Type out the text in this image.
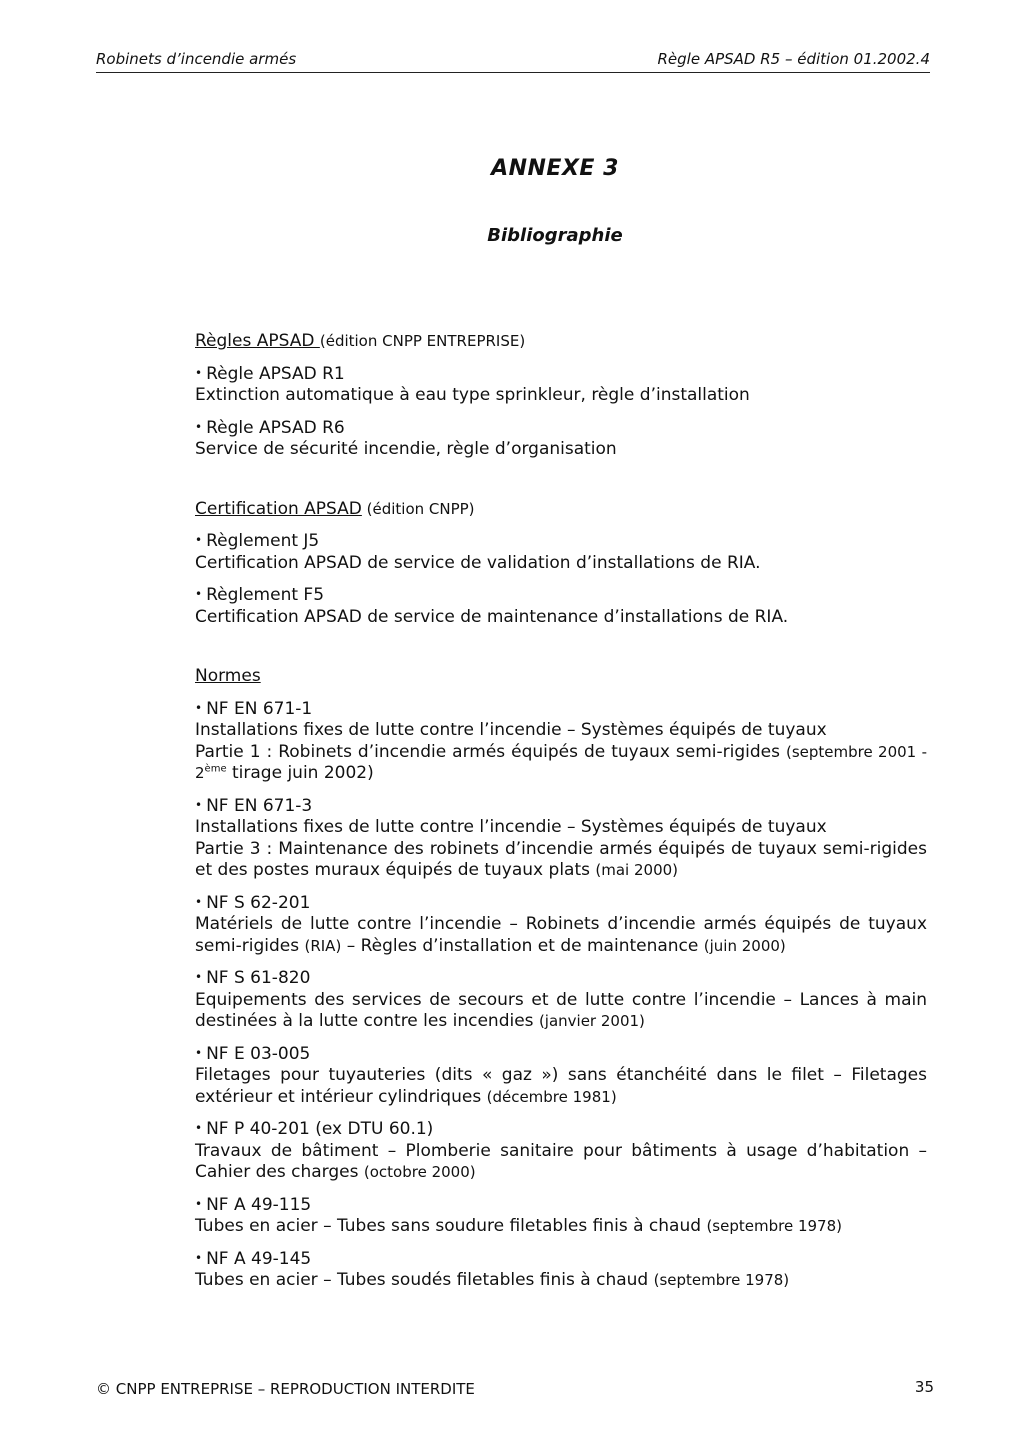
Robinets d’incendie armés	Règle APSAD R5 – édition 01.2002.4
ANNEXE 3
Bibliographie
Règles APSAD (édition CNPP ENTREPRISE)
• Règle APSAD R1
Extinction automatique à eau type sprinkleur, règle d’installation
• Règle APSAD R6
Service de sécurité incendie, règle d’organisation
Certification APSAD (édition CNPP)
• Règlement J5
Certification APSAD de service de validation d’installations de RIA.
• Règlement F5
Certification APSAD de service de maintenance d’installations de RIA.
Normes
• NF EN 671-1
Installations fixes de lutte contre l’incendie – Systèmes équipés de tuyaux
Partie 1 : Robinets d’incendie armés équipés de tuyaux semi-rigides (septembre 2001 - 2ème tirage juin 2002)
• NF EN 671-3
Installations fixes de lutte contre l’incendie – Systèmes équipés de tuyaux
Partie 3 : Maintenance des robinets d’incendie armés équipés de tuyaux semi-rigides et des postes muraux équipés de tuyaux plats (mai 2000)
• NF S 62-201
Matériels de lutte contre l’incendie – Robinets d’incendie armés équipés de tuyaux semi-rigides (RIA) – Règles d’installation et de maintenance (juin 2000)
• NF S 61-820
Equipements des services de secours et de lutte contre l’incendie – Lances à main destinées à la lutte contre les incendies (janvier 2001)
• NF E 03-005
Filetages pour tuyauteries (dits « gaz ») sans étanchéité dans le filet – Filetages extérieur et intérieur cylindriques (décembre 1981)
• NF P 40-201 (ex DTU 60.1)
Travaux de bâtiment – Plomberie sanitaire pour bâtiments à usage d’habitation – Cahier des charges (octobre 2000)
• NF A 49-115
Tubes en acier – Tubes sans soudure filetables finis à chaud (septembre 1978)
• NF A 49-145
Tubes en acier – Tubes soudés filetables finis à chaud (septembre 1978)
© CNPP ENTREPRISE – REPRODUCTION INTERDITE	35
